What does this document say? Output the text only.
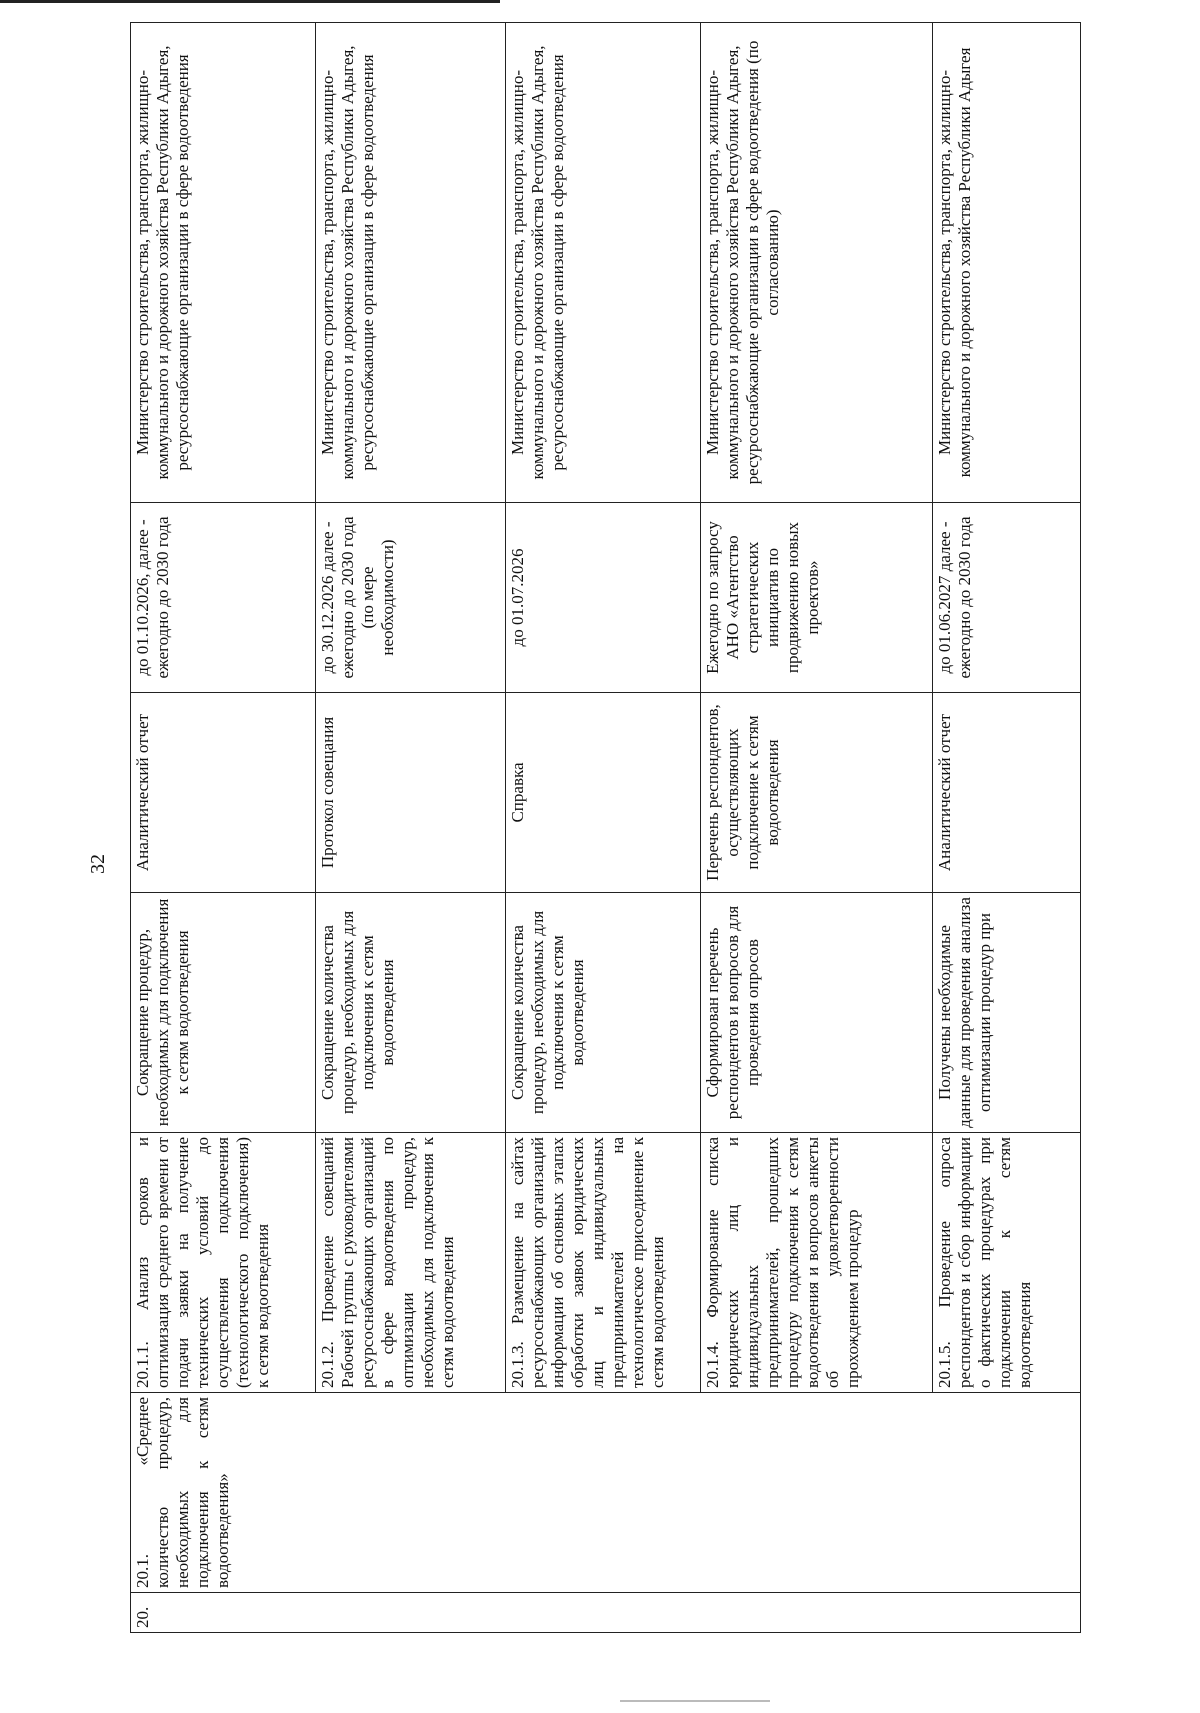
32
20.	20.1. «Среднее количество процедур, необходимых для подключения к сетям водоотведения»	20.1.1. Анализ сроков и оптимизация среднего времени от подачи заявки на получение технических условий до осуществления подключения (технологического подключения) к сетям водоотведения	Сокращение процедур, необходимых для подключения к сетям водоотведения	Аналитический отчет	до 01.10.2026, далее - ежегодно до 2030 года	Министерство строительства, транспорта, жилищно-коммунального и дорожного хозяйства Республики Адыгея, ресурсоснабжающие организации в сфере водоотведения
		20.1.2. Проведение совещаний Рабочей группы с руководителями ресурсоснабжающих организаций в сфере водоотведения по оптимизации процедур, необходимых для подключения к сетям водоотведения	Сокращение количества процедур, необходимых для подключения к сетям водоотведения	Протокол совещания	до 30.12.2026 далее - ежегодно до 2030 года (по мере необходимости)	Министерство строительства, транспорта, жилищно-коммунального и дорожного хозяйства Республики Адыгея, ресурсоснабжающие организации в сфере водоотведения
		20.1.3. Размещение на сайтах ресурсоснабжающих организаций информации об основных этапах обработки заявок юридических лиц и индивидуальных предпринимателей на технологическое присоединение к сетям водоотведения	Сокращение количества процедур, необходимых для подключения к сетям водоотведения	Справка	до 01.07.2026	Министерство строительства, транспорта, жилищно-коммунального и дорожного хозяйства Республики Адыгея, ресурсоснабжающие организации в сфере водоотведения
		20.1.4. Формирование списка юридических лиц и индивидуальных предпринимателей, прошедших процедуру подключения к сетям водоотведения и вопросов анкеты об удовлетворенности прохождением процедур	Сформирован перечень респондентов и вопросов для проведения опросов	Перечень респондентов, осуществляющих подключение к сетям водоотведения	Ежегодно по запросу АНО «Агентство стратегических инициатив по продвижению новых проектов»	Министерство строительства, транспорта, жилищно-коммунального и дорожного хозяйства Республики Адыгея, ресурсоснабжающие организации в сфере водоотведения (по согласованию)
		20.1.5. Проведение опроса респондентов и сбор информации о фактических процедурах при подключении к сетям водоотведения	Получены необходимые данные для проведения анализа оптимизации процедур при	Аналитический отчет	до 01.06.2027 далее - ежегодно до 2030 года	Министерство строительства, транспорта, жилищно-коммунального и дорожного хозяйства Республики Адыгея
